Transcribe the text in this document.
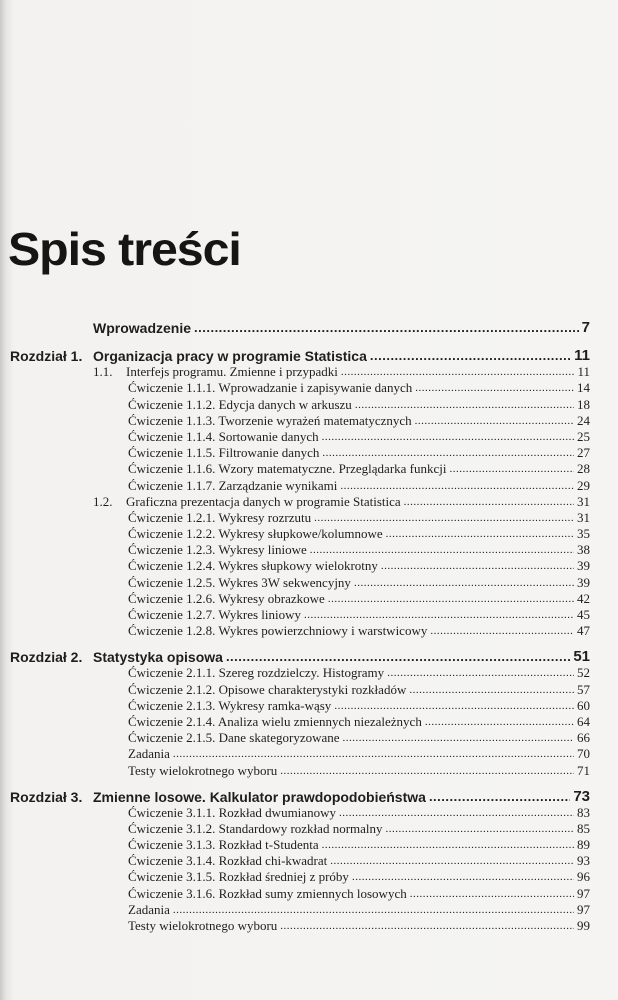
Spis treści
Wprowadzenie .....	7
Rozdział 1. Organizacja pracy w programie Statistica .....	11
1.1. Interfejs programu. Zmienne i przypadki .....	11
Ćwiczenie 1.1.1. Wprowadzanie i zapisywanie danych .....	14
Ćwiczenie 1.1.2. Edycja danych w arkuszu .....	18
Ćwiczenie 1.1.3. Tworzenie wyrażeń matematycznych .....	24
Ćwiczenie 1.1.4. Sortowanie danych .....	25
Ćwiczenie 1.1.5. Filtrowanie danych .....	27
Ćwiczenie 1.1.6. Wzory matematyczne. Przeglądarka funkcji .....	28
Ćwiczenie 1.1.7. Zarządzanie wynikami .....	29
1.2. Graficzna prezentacja danych w programie Statistica .....	31
Ćwiczenie 1.2.1. Wykresy rozrzutu .....	31
Ćwiczenie 1.2.2. Wykresy słupkowe/kolumnowe .....	35
Ćwiczenie 1.2.3. Wykresy liniowe .....	38
Ćwiczenie 1.2.4. Wykres słupkowy wielokrotny .....	39
Ćwiczenie 1.2.5. Wykres 3W sekwencyjny .....	39
Ćwiczenie 1.2.6. Wykresy obrazkowe .....	42
Ćwiczenie 1.2.7. Wykres liniowy .....	45
Ćwiczenie 1.2.8. Wykres powierzchniowy i warstwicowy .....	47
Rozdział 2. Statystyka opisowa .....	51
Ćwiczenie 2.1.1. Szereg rozdzielczy. Histogramy .....	52
Ćwiczenie 2.1.2. Opisowe charakterystyki rozkładów .....	57
Ćwiczenie 2.1.3. Wykresy ramka-wąsy .....	60
Ćwiczenie 2.1.4. Analiza wielu zmiennych niezależnych .....	64
Ćwiczenie 2.1.5. Dane skategoryzowane .....	66
Zadania .....	70
Testy wielokrotnego wyboru .....	71
Rozdział 3. Zmienne losowe. Kalkulator prawdopodobieństwa .....	73
Ćwiczenie 3.1.1. Rozkład dwumianowy .....	83
Ćwiczenie 3.1.2. Standardowy rozkład normalny .....	85
Ćwiczenie 3.1.3. Rozkład t-Studenta .....	89
Ćwiczenie 3.1.4. Rozkład chi-kwadrat .....	93
Ćwiczenie 3.1.5. Rozkład średniej z próby .....	96
Ćwiczenie 3.1.6. Rozkład sumy zmiennych losowych .....	97
Zadania .....	97
Testy wielokrotnego wyboru .....	99
